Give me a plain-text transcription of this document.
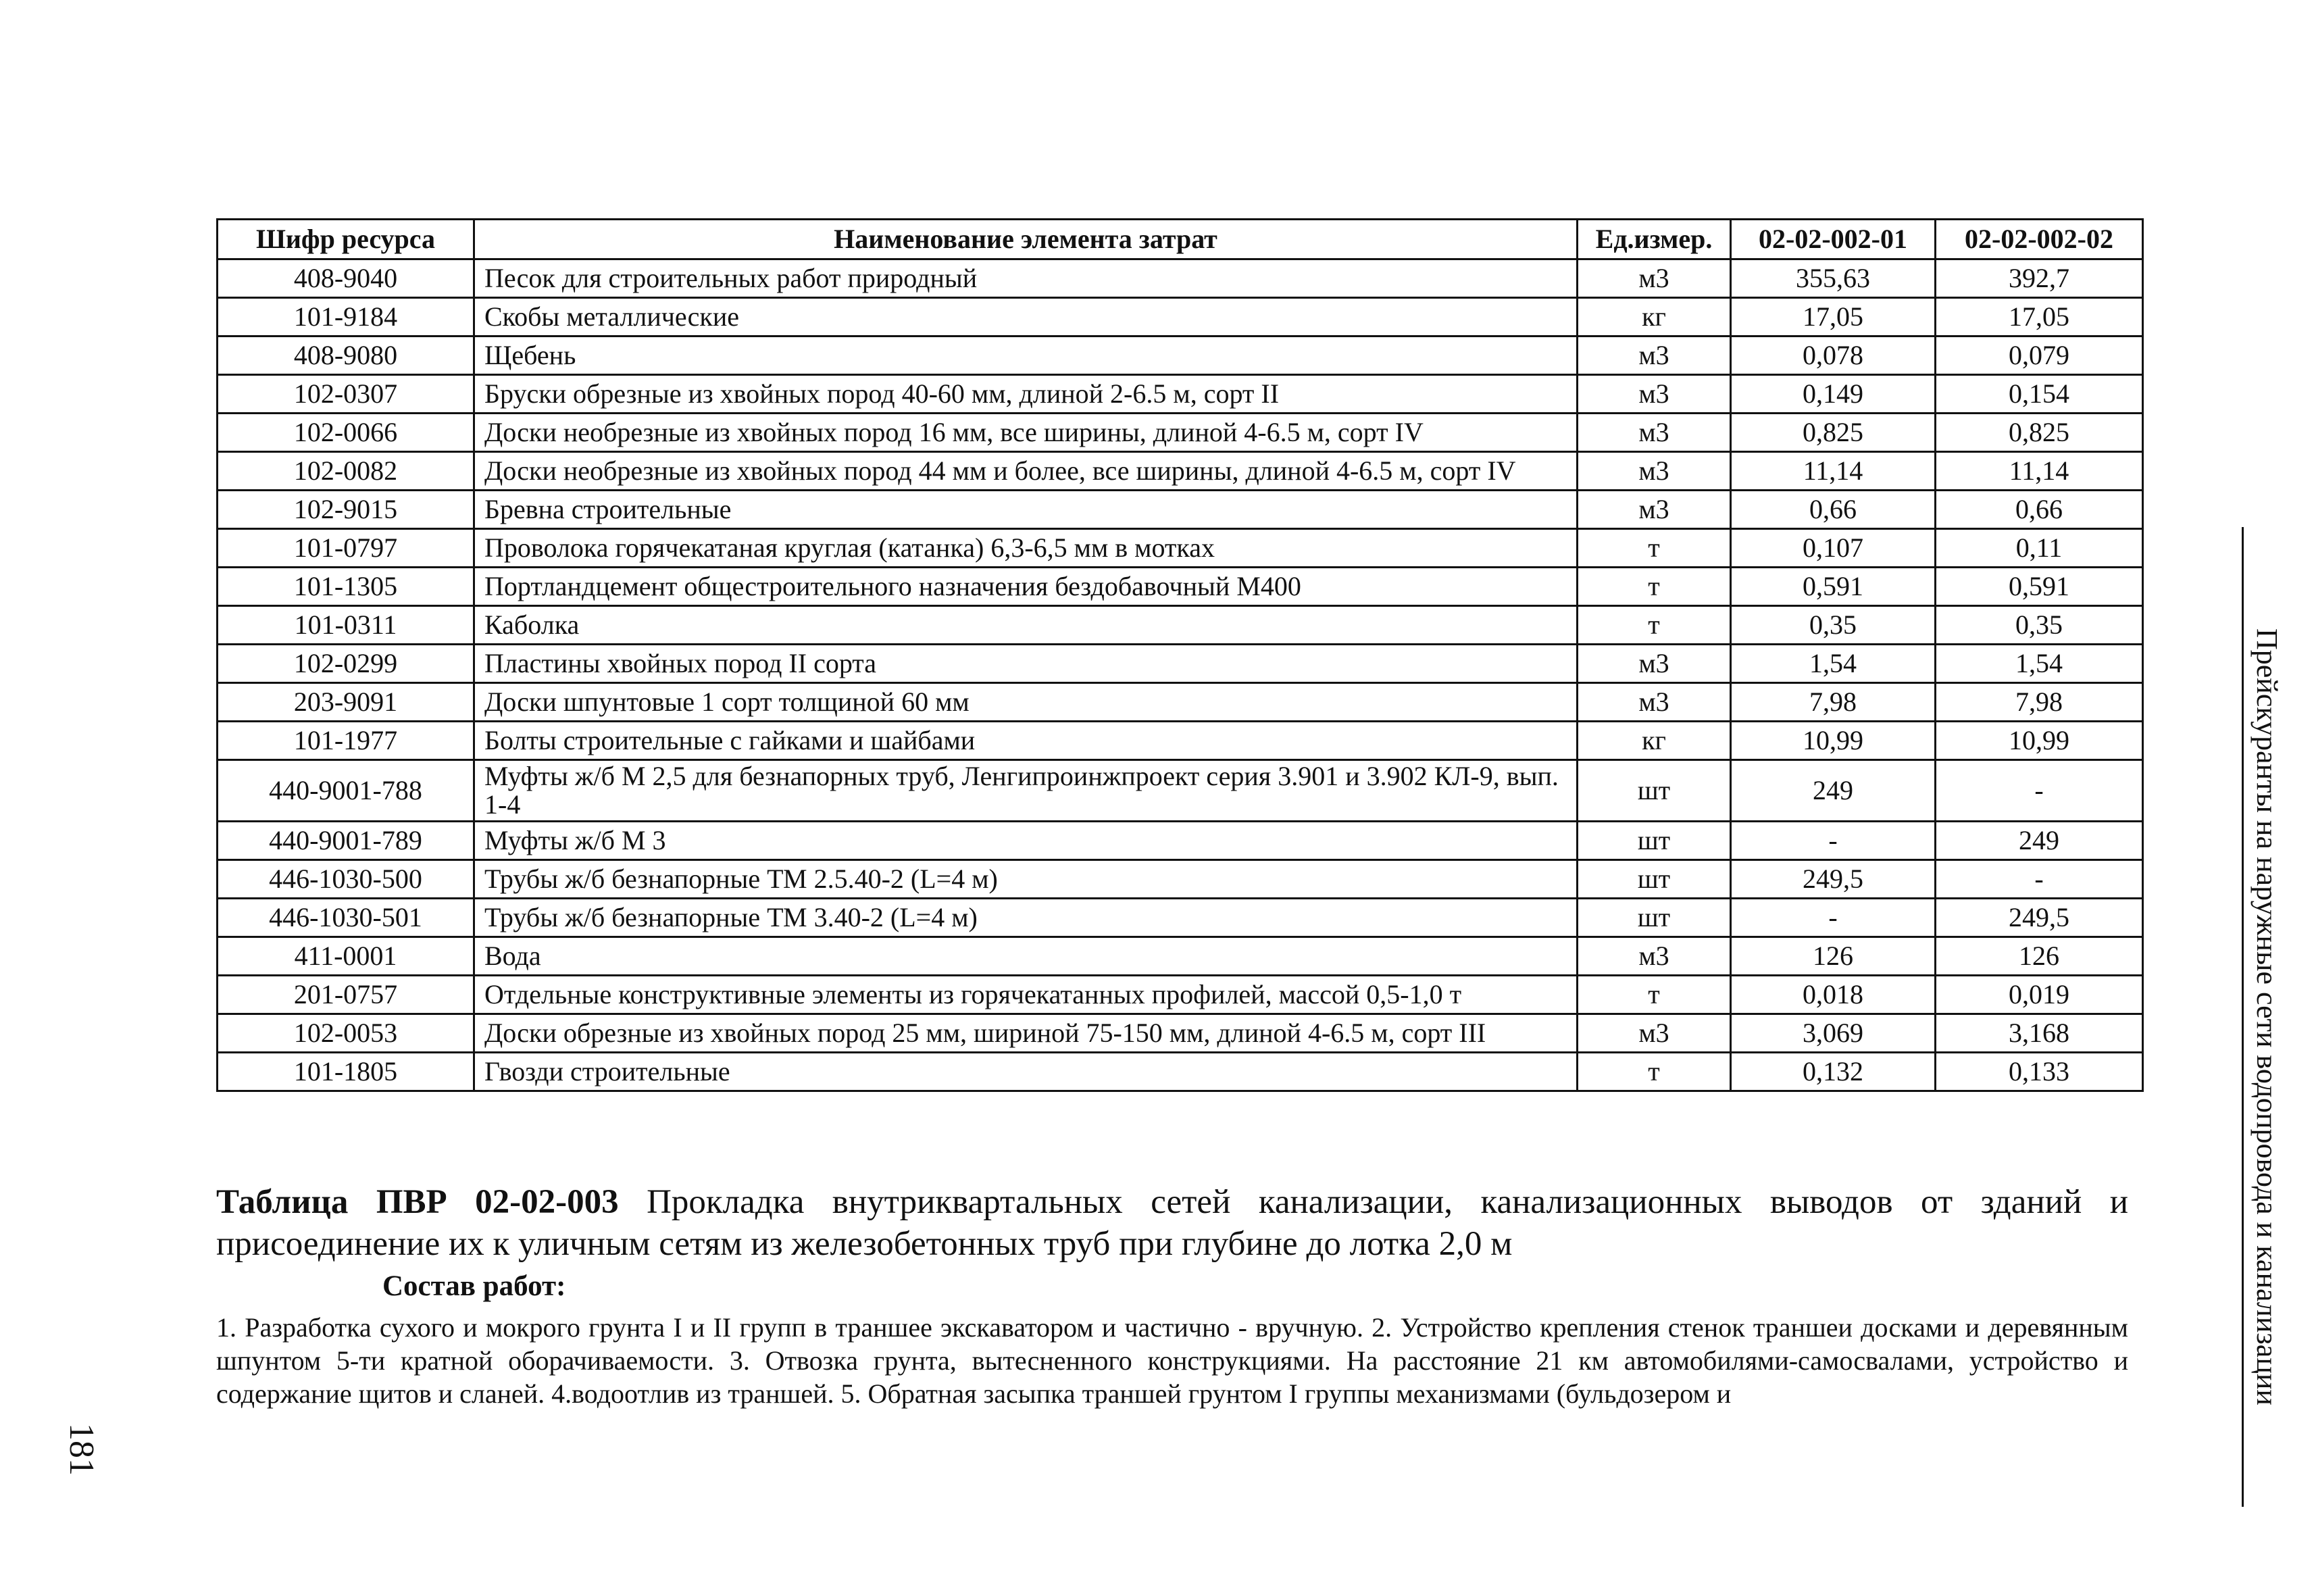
Шифр ресурса	Наименование элемента затрат	Ед.измер.	02-02-002-01	02-02-002-02
408-9040	Песок для строительных работ природный	м3	355,63	392,7
101-9184	Скобы металлические	кг	17,05	17,05
408-9080	Щебень	м3	0,078	0,079
102-0307	Бруски обрезные из хвойных пород 40-60 мм, длиной 2-6.5 м, сорт II	м3	0,149	0,154
102-0066	Доски необрезные из хвойных пород 16 мм, все ширины, длиной 4-6.5 м, сорт IV	м3	0,825	0,825
102-0082	Доски необрезные из хвойных пород 44 мм и более, все ширины, длиной 4-6.5 м, сорт IV	м3	11,14	11,14
102-9015	Бревна строительные	м3	0,66	0,66
101-0797	Проволока горячекатаная круглая (катанка) 6,3-6,5 мм в мотках	т	0,107	0,11
101-1305	Портландцемент общестроительного назначения бездобавочный М400	т	0,591	0,591
101-0311	Каболка	т	0,35	0,35
102-0299	Пластины хвойных пород II сорта	м3	1,54	1,54
203-9091	Доски шпунтовые 1 сорт толщиной 60 мм	м3	7,98	7,98
101-1977	Болты строительные с гайками и шайбами	кг	10,99	10,99
440-9001-788	Муфты ж/б М 2,5 для безнапорных труб, Ленгипроинжпроект серия 3.901 и 3.902 КЛ-9, вып. 1-4	шт	249	-
440-9001-789	Муфты ж/б М 3	шт	-	249
446-1030-500	Трубы ж/б безнапорные ТМ 2.5.40-2 (L=4 м)	шт	249,5	-
446-1030-501	Трубы ж/б безнапорные ТМ 3.40-2 (L=4 м)	шт	-	249,5
411-0001	Вода	м3	126	126
201-0757	Отдельные конструктивные элементы из горячекатанных профилей, массой 0,5-1,0 т	т	0,018	0,019
102-0053	Доски обрезные из хвойных пород 25 мм, шириной 75-150 мм, длиной 4-6.5 м, сорт III	м3	3,069	3,168
101-1805	Гвозди строительные	т	0,132	0,133

Таблица ПВР 02-02-003 Прокладка внутриквартальных сетей канализации, канализационных выводов от зданий и присоединение их к уличным сетям из железобетонных труб при глубине до лотка 2,0 м

Состав работ:

1. Разработка сухого и мокрого грунта I и II групп в траншее экскаватором и частично - вручную. 2. Устройство крепления стенок траншеи досками и деревянным шпунтом 5-ти кратной оборачиваемости. 3. Отвозка грунта, вытесненного конструкциями. На расстояние 21 км автомобилями-самосвалами, устройство и содержание щитов и сланей. 4.водоотлив из траншей. 5. Обратная засыпка траншей грунтом I группы механизмами (бульдозером и	Прейскуранты на наружные сети водопровода и канализации
181
